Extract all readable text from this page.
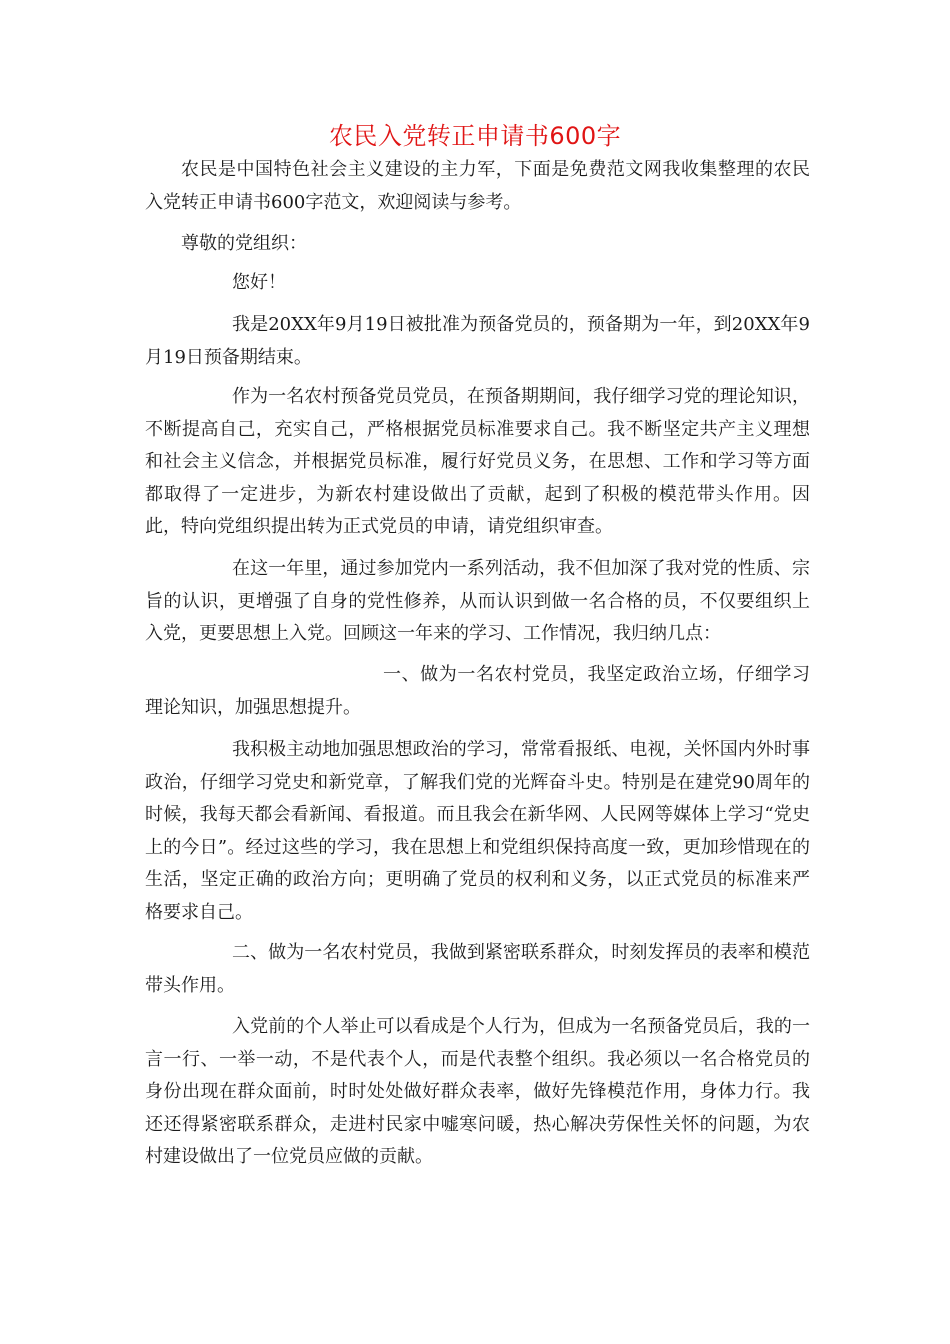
农民入党转正申请书600字
农民是中国特色社会主义建设的主力军，下面是免费范文网我收集整理的农民入党转正申请书600字范文，欢迎阅读与参考。
尊敬的党组织：
您好！
我是20XX年9月19日被批准为预备党员的，预备期为一年，到20XX年9月19日预备期结束。
作为一名农村预备党员党员，在预备期期间，我仔细学习党的理论知识，不断提高自己，充实自己，严格根据党员标准要求自己。我不断坚定共产主义理想和社会主义信念，并根据党员标准，履行好党员义务，在思想、工作和学习等方面都取得了一定进步，为新农村建设做出了贡献，起到了积极的模范带头作用。因此，特向党组织提出转为正式党员的申请，请党组织审查。
在这一年里，通过参加党内一系列活动，我不但加深了我对党的性质、宗旨的认识，更增强了自身的党性修养，从而认识到做一名合格的员，不仅要组织上入党，更要思想上入党。回顾这一年来的学习、工作情况，我归纳几点：
一、做为一名农村党员，我坚定政治立场，仔细学习理论知识，加强思想提升。
我积极主动地加强思想政治的学习，常常看报纸、电视，关怀国内外时事政治，仔细学习党史和新党章，了解我们党的光辉奋斗史。特别是在建党90周年的时候，我每天都会看新闻、看报道。而且我会在新华网、人民网等媒体上学习“党史上的今日”。经过这些的学习，我在思想上和党组织保持高度一致，更加珍惜现在的生活，坚定正确的政治方向；更明确了党员的权利和义务，以正式党员的标准来严格要求自己。
二、做为一名农村党员，我做到紧密联系群众，时刻发挥员的表率和模范带头作用。
入党前的个人举止可以看成是个人行为，但成为一名预备党员后，我的一言一行、一举一动，不是代表个人，而是代表整个组织。我必须以一名合格党员的身份出现在群众面前，时时处处做好群众表率，做好先锋模范作用，身体力行。我还还得紧密联系群众，走进村民家中嘘寒问暖，热心解决劳保性关怀的问题，为农村建设做出了一位党员应做的贡献。
